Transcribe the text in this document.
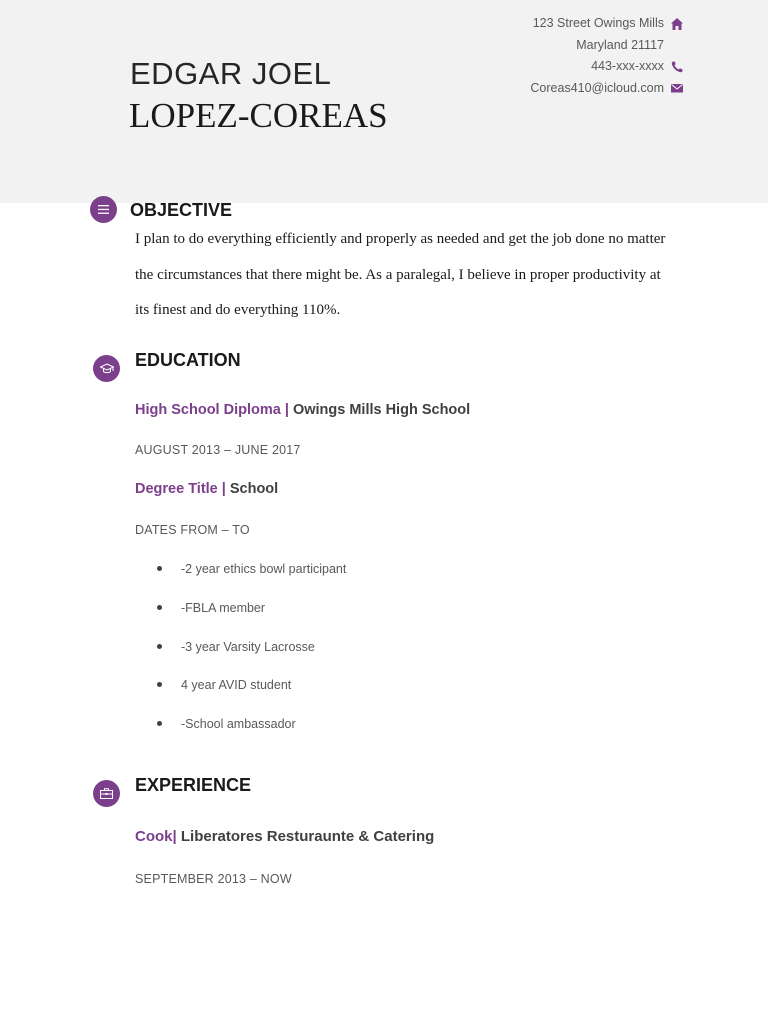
EDGAR JOEL
LOPEZ-COREAS
123 Street Owings Mills
Maryland 21117
443-xxx-xxxx
Coreas410@icloud.com
OBJECTIVE
I plan to do everything efficiently and properly as needed and get the job done no matter
the circumstances that there might be. As a paralegal, I believe in proper productivity at
its finest and do everything 110%.
EDUCATION
High School Diploma | Owings Mills High School
AUGUST 2013 – JUNE 2017
Degree Title | School
DATES FROM – TO
-2 year ethics bowl participant
-FBLA member
-3 year Varsity Lacrosse
4 year AVID student
-School ambassador
EXPERIENCE
Cook| Liberatores Resturaunte & Catering
SEPTEMBER 2013 – NOW
